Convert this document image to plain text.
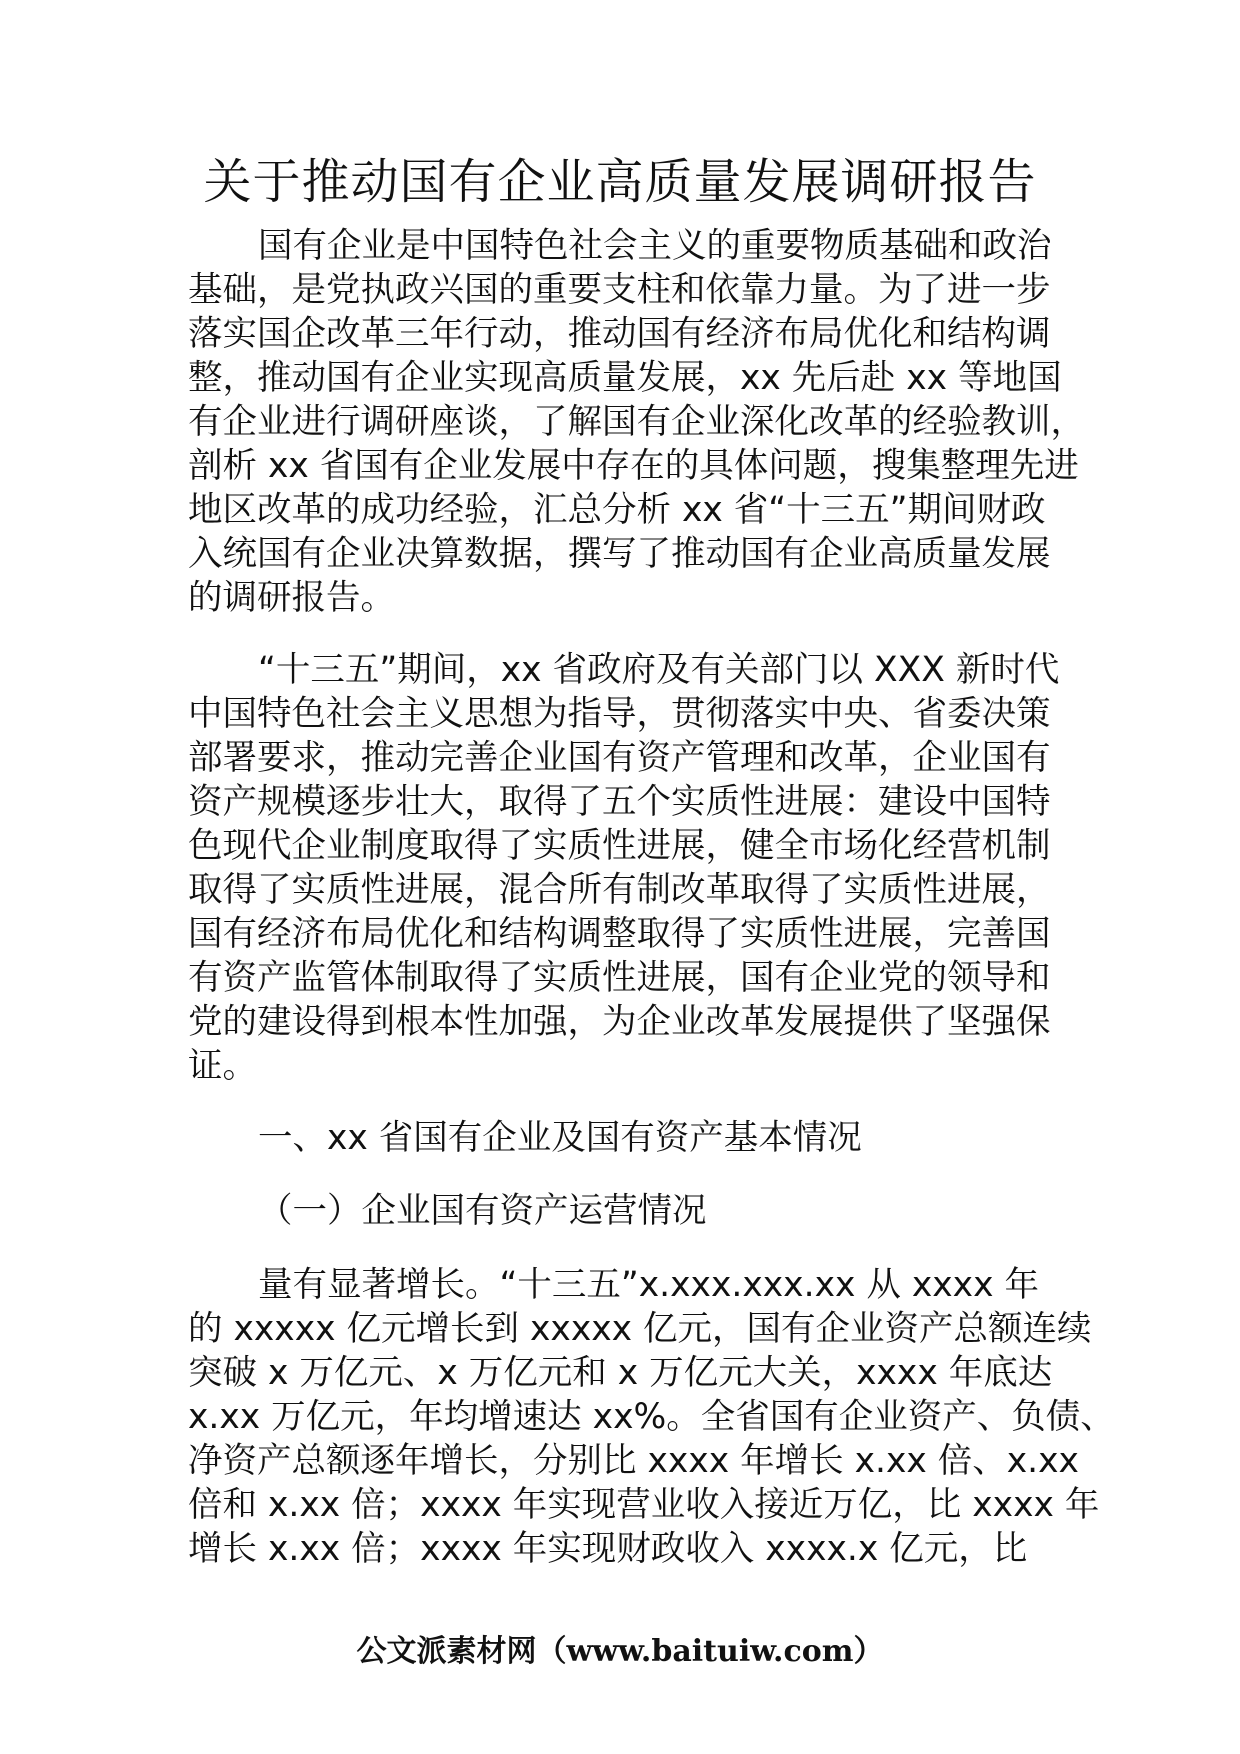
关于推动国有企业高质量发展调研报告
国有企业是中国特色社会主义的重要物质基础和政治
基础，是党执政兴国的重要支柱和依靠力量。为了进一步
落实国企改革三年行动，推动国有经济布局优化和结构调
整，推动国有企业实现高质量发展，xx 先后赴 xx 等地国
有企业进行调研座谈，了解国有企业深化改革的经验教训，
剖析 xx 省国有企业发展中存在的具体问题，搜集整理先进
地区改革的成功经验，汇总分析 xx 省“十三五”期间财政
入统国有企业决算数据，撰写了推动国有企业高质量发展
的调研报告。
“十三五”期间，xx 省政府及有关部门以 XXX 新时代
中国特色社会主义思想为指导，贯彻落实中央、省委决策
部署要求，推动完善企业国有资产管理和改革，企业国有
资产规模逐步壮大，取得了五个实质性进展：建设中国特
色现代企业制度取得了实质性进展，健全市场化经营机制
取得了实质性进展，混合所有制改革取得了实质性进展，
国有经济布局优化和结构调整取得了实质性进展，完善国
有资产监管体制取得了实质性进展，国有企业党的领导和
党的建设得到根本性加强，为企业改革发展提供了坚强保
证。
一、xx 省国有企业及国有资产基本情况
（一）企业国有资产运营情况
量有显著增长。“十三五”x.xxx.xxx.xx 从 xxxx 年
的 xxxxx 亿元增长到 xxxxx 亿元，国有企业资产总额连续
突破 x 万亿元、x 万亿元和 x 万亿元大关，xxxx 年底达
x.xx 万亿元，年均增速达 xx%。全省国有企业资产、负债、
净资产总额逐年增长，分别比 xxxx 年增长 x.xx 倍、x.xx
倍和 x.xx 倍；xxxx 年实现营业收入接近万亿，比 xxxx 年
增长 x.xx 倍；xxxx 年实现财政收入 xxxx.x 亿元，比
公文派素材网（www.baituiw.com）
